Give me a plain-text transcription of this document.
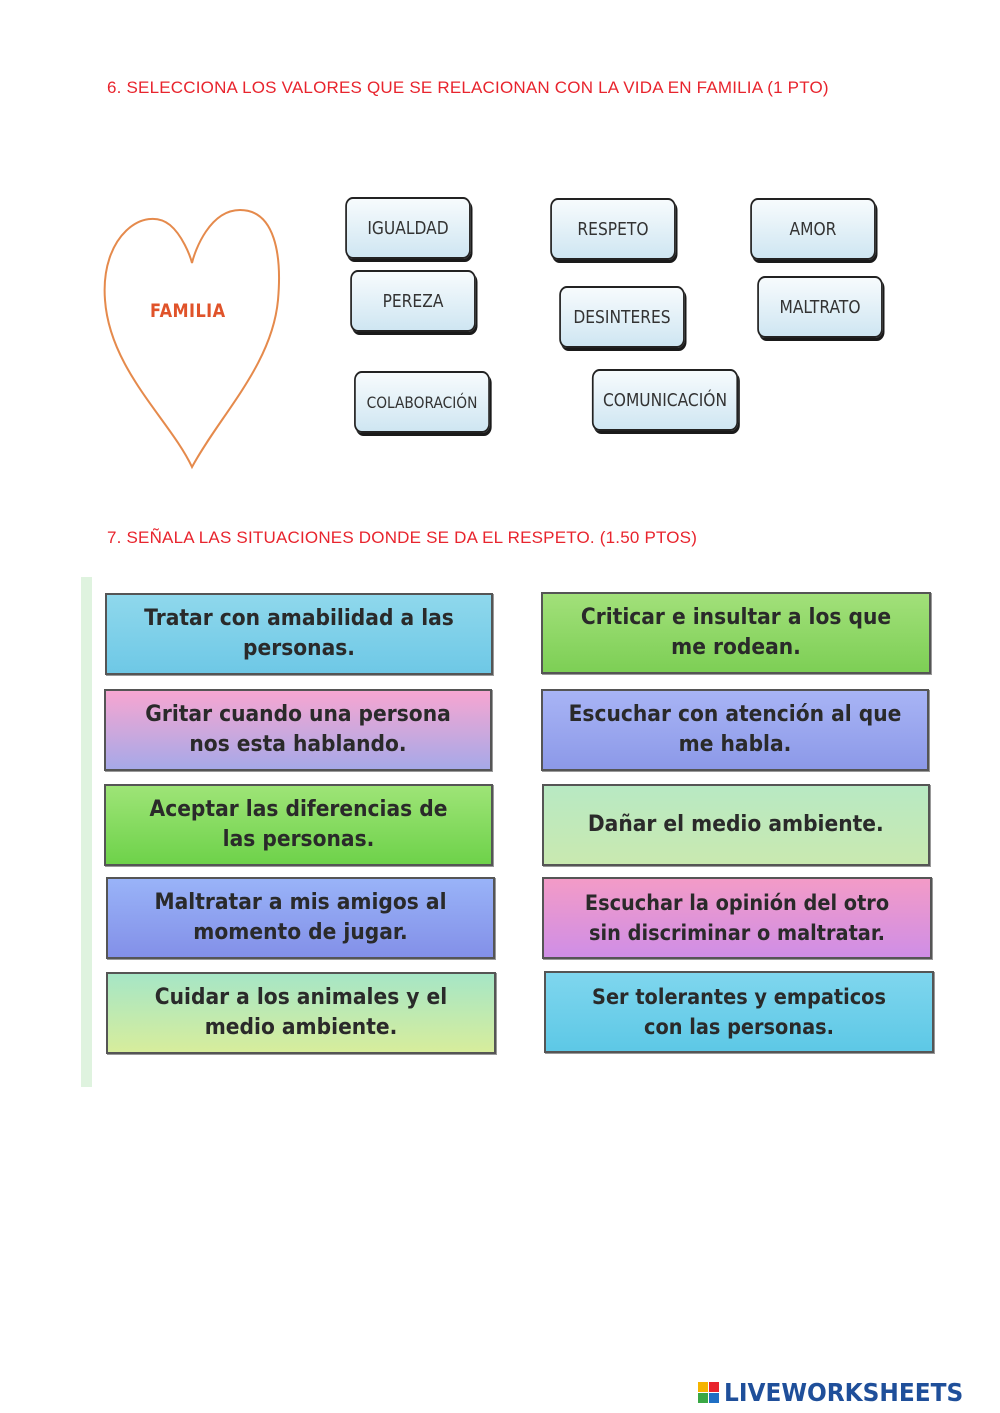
6. SELECCIONA LOS VALORES QUE SE RELACIONAN CON LA VIDA EN FAMILIA (1 PTO)
FAMILIA
IGUALDAD	RESPETO	AMOR
PEREZA
DESINTERES	MALTRATO
COLABORACIÓN	COMUNICACIÓN
7. SEÑALA LAS SITUACIONES DONDE SE DA EL RESPETO. (1.50 PTOS)
Tratar con amabilidad a las personas.
Criticar e insultar a los que me rodean.
Gritar cuando una persona nos esta hablando.
Escuchar con atención al que me habla.
Aceptar las diferencias de las personas.
Dañar el medio ambiente.
Maltratar a mis amigos al momento de jugar.
Escuchar la opinión del otro sin discriminar o maltratar.
Cuidar a los animales y el medio ambiente.
Ser tolerantes y empaticos con las personas.
LIVEWORKSHEETS
